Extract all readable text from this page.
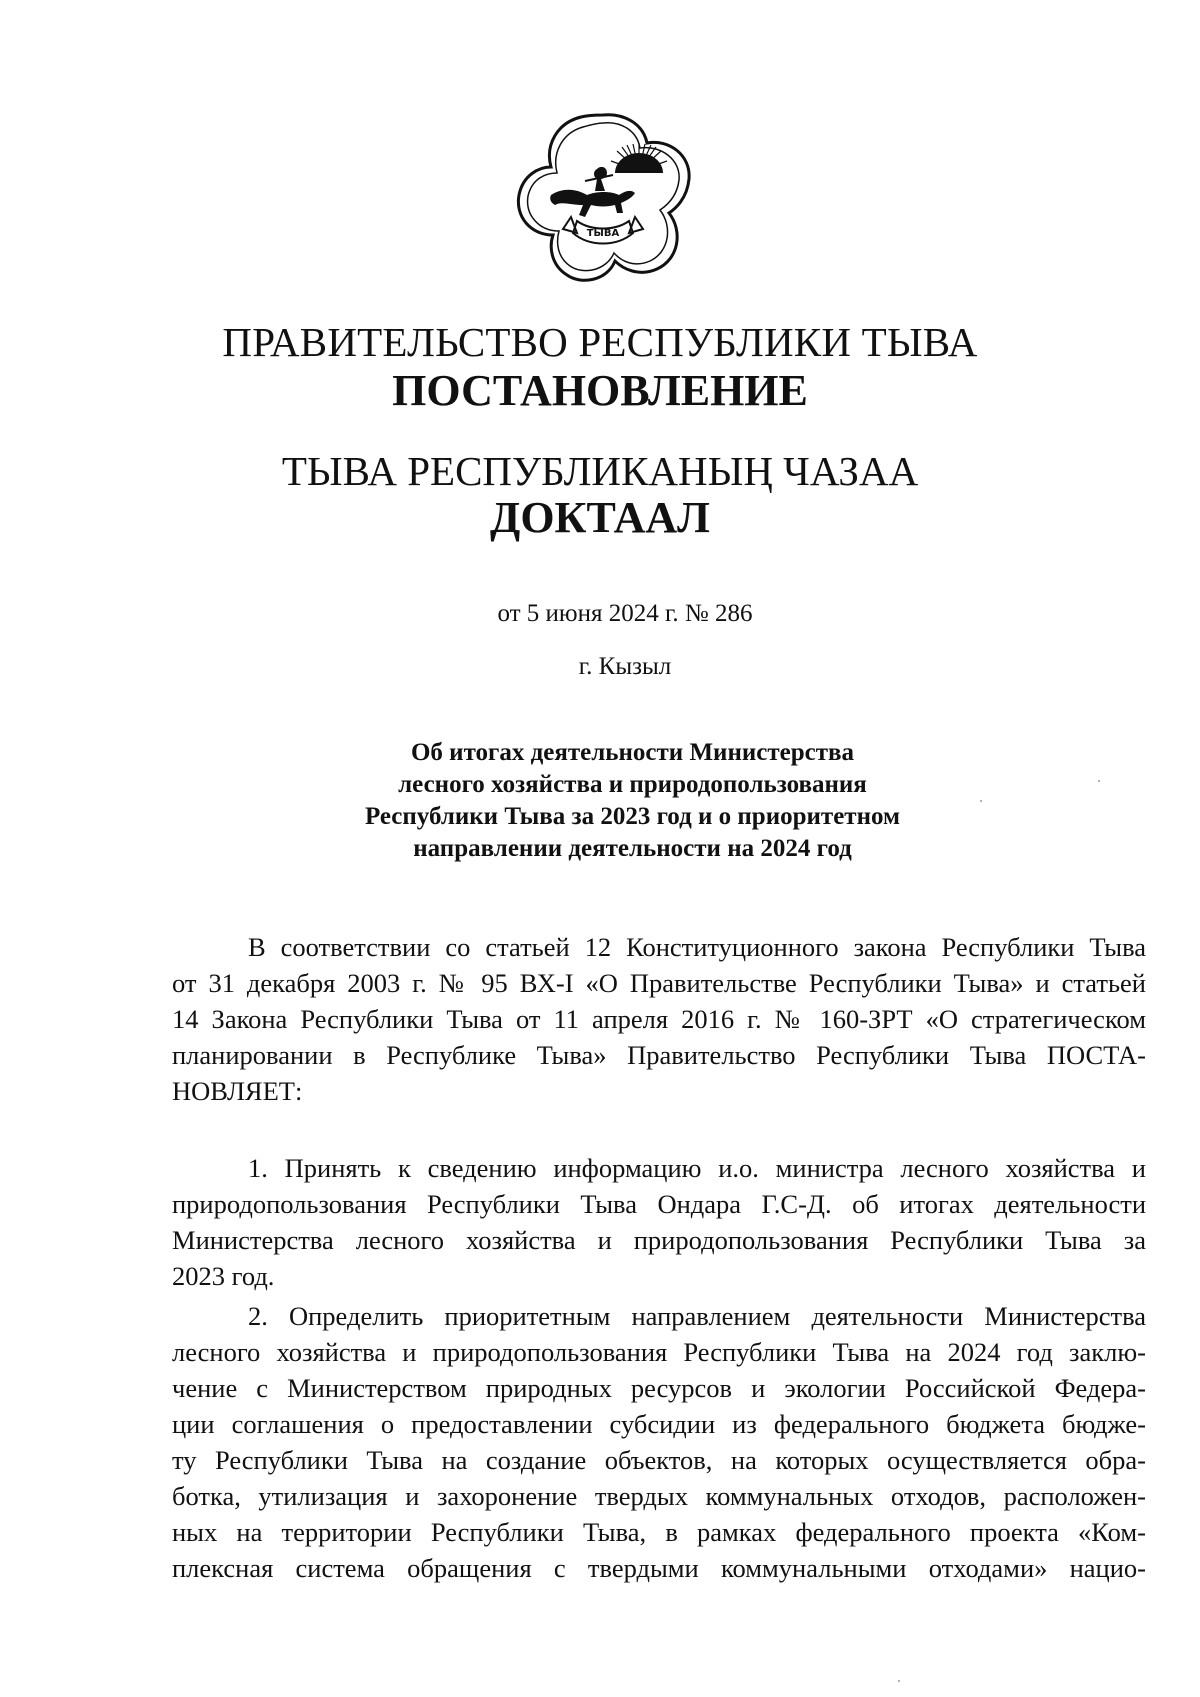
ТЫВА
ПРАВИТЕЛЬСТВО РЕСПУБЛИКИ ТЫВА
ПОСТАНОВЛЕНИЕ
ТЫВА РЕСПУБЛИКАНЫҢ ЧАЗАА
ДОКТААЛ
от 5 июня 2024 г. № 286
г. Кызыл
Об итогах деятельности Министерства
лесного хозяйства и природопользования
Республики Тыва за 2023 год и о приоритетном
направлении деятельности на 2024 год
В соответствии со статьей 12 Конституционного закона Республики Тыва
от 31 декабря 2003 г. № 95 ВХ-I «О Правительстве Республики Тыва» и статьей
14 Закона Республики Тыва от 11 апреля 2016 г. № 160-ЗРТ «О стратегическом
планировании в Республике Тыва» Правительство Республики Тыва ПОСТА-
НОВЛЯЕТ:
1. Принять к сведению информацию и.о. министра лесного хозяйства и
природопользования Республики Тыва Ондара Г.С-Д. об итогах деятельности
Министерства лесного хозяйства и природопользования Республики Тыва за
2023 год.
2. Определить приоритетным направлением деятельности Министерства
лесного хозяйства и природопользования Республики Тыва на 2024 год заклю-
чение с Министерством природных ресурсов и экологии Российской Федера-
ции соглашения о предоставлении субсидии из федерального бюджета бюдже-
ту Республики Тыва на создание объектов, на которых осуществляется обра-
ботка, утилизация и захоронение твердых коммунальных отходов, расположен-
ных на территории Республики Тыва, в рамках федерального проекта «Ком-
плексная система обращения с твердыми коммунальными отходами» нацио-
